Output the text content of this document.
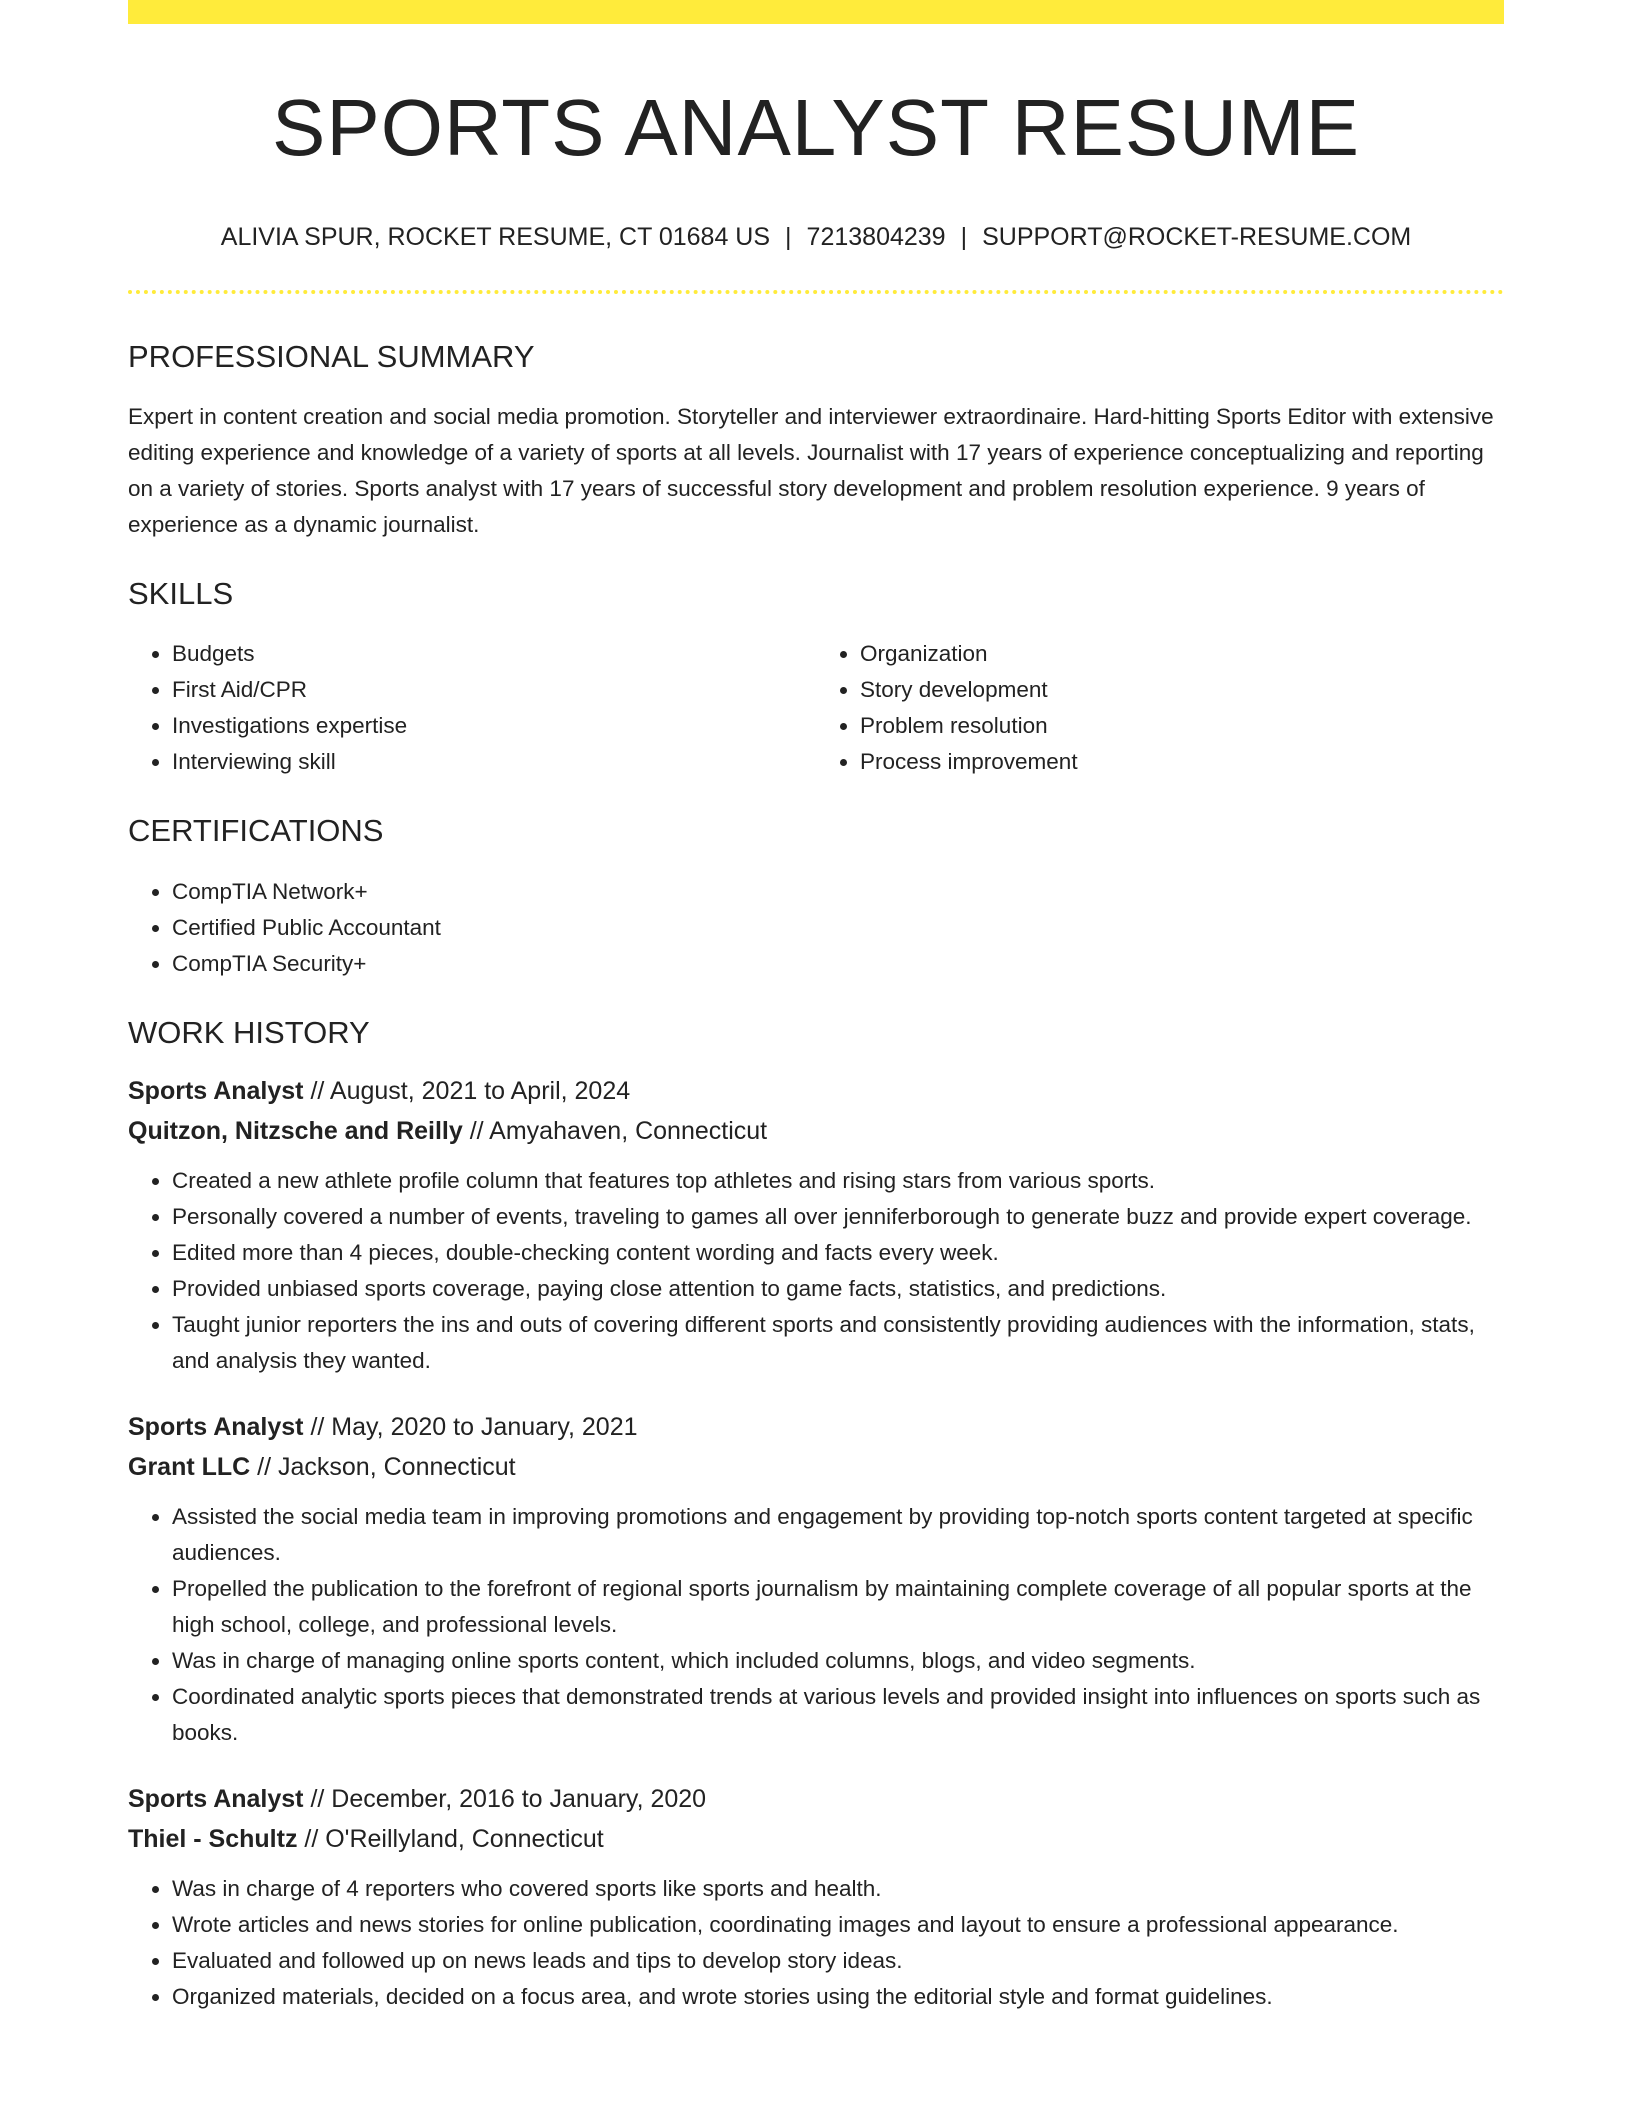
SPORTS ANALYST RESUME
ALIVIA SPUR, ROCKET RESUME, CT 01684 US | 7213804239 | SUPPORT@ROCKET-RESUME.COM
PROFESSIONAL SUMMARY

Expert in content creation and social media promotion. Storyteller and interviewer extraordinaire. Hard-hitting Sports Editor with extensive editing experience and knowledge of a variety of sports at all levels. Journalist with 17 years of experience conceptualizing and reporting on a variety of stories. Sports analyst with 17 years of successful story development and problem resolution experience. 9 years of experience as a dynamic journalist.

SKILLS
• Budgets
• First Aid/CPR
• Investigations expertise
• Interviewing skill
• Organization
• Story development
• Problem resolution
• Process improvement
CERTIFICATIONS
• CompTIA Network+
• Certified Public Accountant
• CompTIA Security+
WORK HISTORY
Sports Analyst // August, 2021 to April, 2024
Quitzon, Nitzsche and Reilly // Amyahaven, Connecticut
• Created a new athlete profile column that features top athletes and rising stars from various sports.
• Personally covered a number of events, traveling to games all over jenniferborough to generate buzz and provide expert coverage.
• Edited more than 4 pieces, double-checking content wording and facts every week.
• Provided unbiased sports coverage, paying close attention to game facts, statistics, and predictions.
• Taught junior reporters the ins and outs of covering different sports and consistently providing audiences with the information, stats, and analysis they wanted.
Sports Analyst // May, 2020 to January, 2021
Grant LLC // Jackson, Connecticut
• Assisted the social media team in improving promotions and engagement by providing top-notch sports content targeted at specific audiences.
• Propelled the publication to the forefront of regional sports journalism by maintaining complete coverage of all popular sports at the high school, college, and professional levels.
• Was in charge of managing online sports content, which included columns, blogs, and video segments.
• Coordinated analytic sports pieces that demonstrated trends at various levels and provided insight into influences on sports such as books.
Sports Analyst // December, 2016 to January, 2020
Thiel - Schultz // O'Reillyland, Connecticut
• Was in charge of 4 reporters who covered sports like sports and health.
• Wrote articles and news stories for online publication, coordinating images and layout to ensure a professional appearance.
• Evaluated and followed up on news leads and tips to develop story ideas.
• Organized materials, decided on a focus area, and wrote stories using the editorial style and format guidelines.
